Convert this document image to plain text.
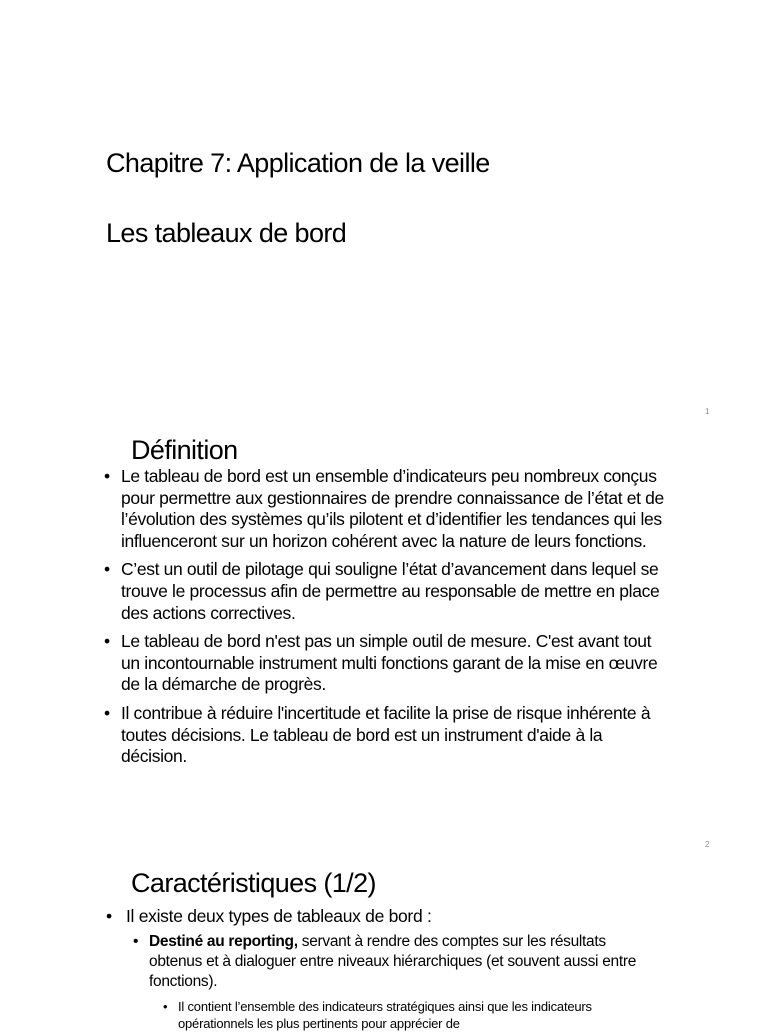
Chapitre 7: Application de la veille
Les tableaux de bord
1
Définition
• Le tableau de bord est un ensemble d’indicateurs peu nombreux conçus pour permettre aux gestionnaires de prendre connaissance de l’état et de l’évolution des systèmes qu’ils pilotent et d’identifier les tendances qui les influenceront sur un horizon cohérent avec la nature de leurs fonctions.
• C’est un outil de pilotage qui souligne l’état d’avancement dans lequel se trouve le processus afin de permettre au responsable de mettre en place des actions correctives.
• Le tableau de bord n'est pas un simple outil de mesure. C'est avant tout un incontournable instrument multi fonctions garant de la mise en œuvre de la démarche de progrès.
• Il contribue à réduire l'incertitude et facilite la prise de risque inhérente à toutes décisions. Le tableau de bord est un instrument d'aide à la décision.
2
Caractéristiques (1/2)
• Il existe deux types de tableaux de bord :
• Destiné au reporting, servant à rendre des comptes sur les résultats obtenus et à dialoguer entre niveaux hiérarchiques (et souvent aussi entre fonctions).
• Il contient l’ensemble des indicateurs stratégiques ainsi que les indicateurs opérationnels les plus pertinents pour apprécier de
